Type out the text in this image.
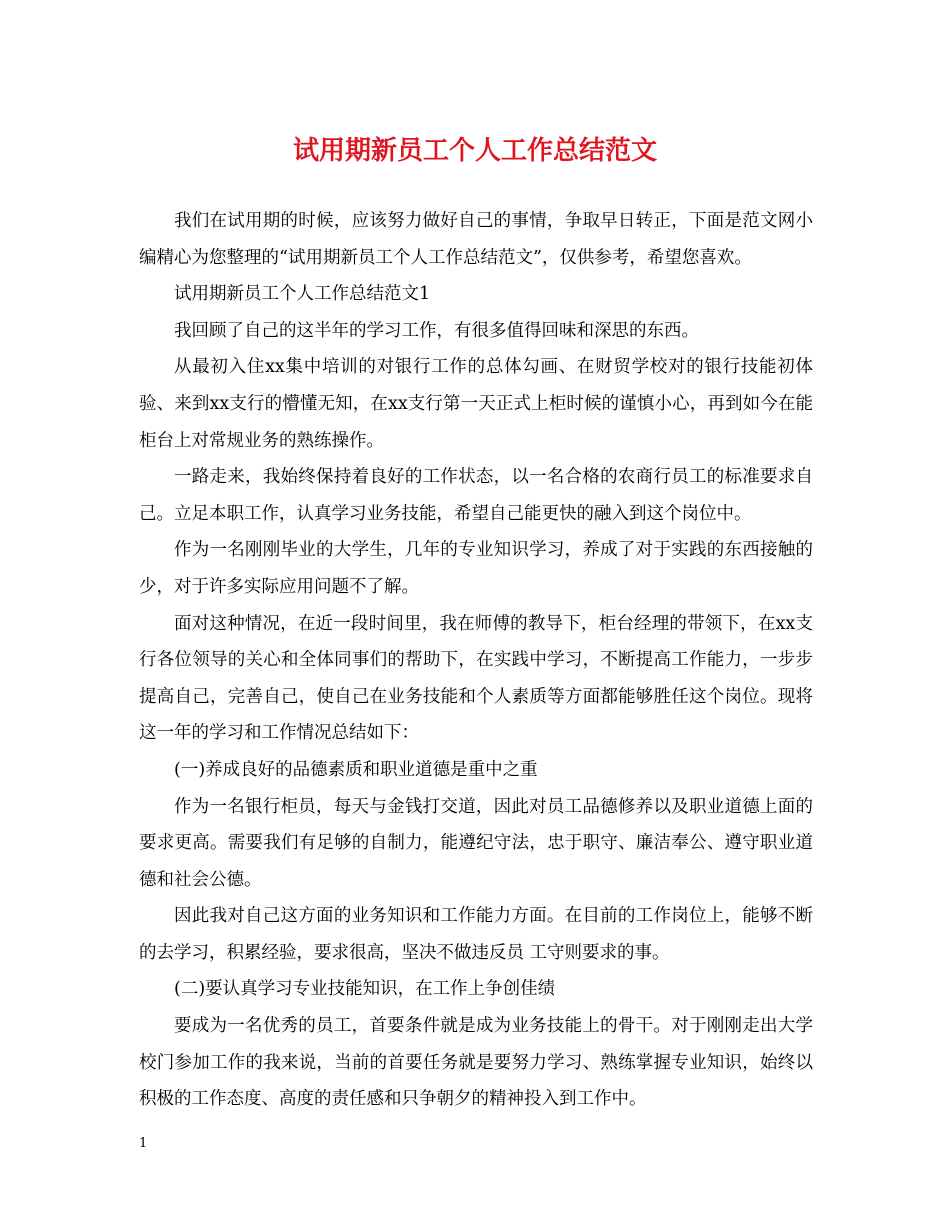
试用期新员工个人工作总结范文

我们在试用期的时候，应该努力做好自己的事情，争取早日转正，下面是范文网小编精心为您整理的“试用期新员工个人工作总结范文”，仅供参考，希望您喜欢。

试用期新员工个人工作总结范文1

我回顾了自己的这半年的学习工作，有很多值得回味和深思的东西。

从最初入住xx集中培训的对银行工作的总体勾画、在财贸学校对的银行技能初体验、来到xx支行的懵懂无知，在xx支行第一天正式上柜时候的谨慎小心，再到如今在能柜台上对常规业务的熟练操作。

一路走来，我始终保持着良好的工作状态，以一名合格的农商行员工的标准要求自己。立足本职工作，认真学习业务技能，希望自己能更快的融入到这个岗位中。

作为一名刚刚毕业的大学生，几年的专业知识学习，养成了对于实践的东西接触的少，对于许多实际应用问题不了解。

面对这种情况，在近一段时间里，我在师傅的教导下，柜台经理的带领下，在xx支行各位领导的关心和全体同事们的帮助下，在实践中学习，不断提高工作能力，一步步提高自己，完善自己，使自己在业务技能和个人素质等方面都能够胜任这个岗位。现将这一年的学习和工作情况总结如下：

(一)养成良好的品德素质和职业道德是重中之重

作为一名银行柜员，每天与金钱打交道，因此对员工品德修养以及职业道德上面的要求更高。需要我们有足够的自制力，能遵纪守法，忠于职守、廉洁奉公、遵守职业道德和社会公德。

因此我对自己这方面的业务知识和工作能力方面。在目前的工作岗位上，能够不断的去学习，积累经验，要求很高，坚决不做违反员 工守则要求的事。

(二)要认真学习专业技能知识，在工作上争创佳绩

要成为一名优秀的员工，首要条件就是成为业务技能上的骨干。对于刚刚走出大学校门参加工作的我来说，当前的首要任务就是要努力学习、熟练掌握专业知识，始终以积极的工作态度、高度的责任感和只争朝夕的精神投入到工作中。

1
